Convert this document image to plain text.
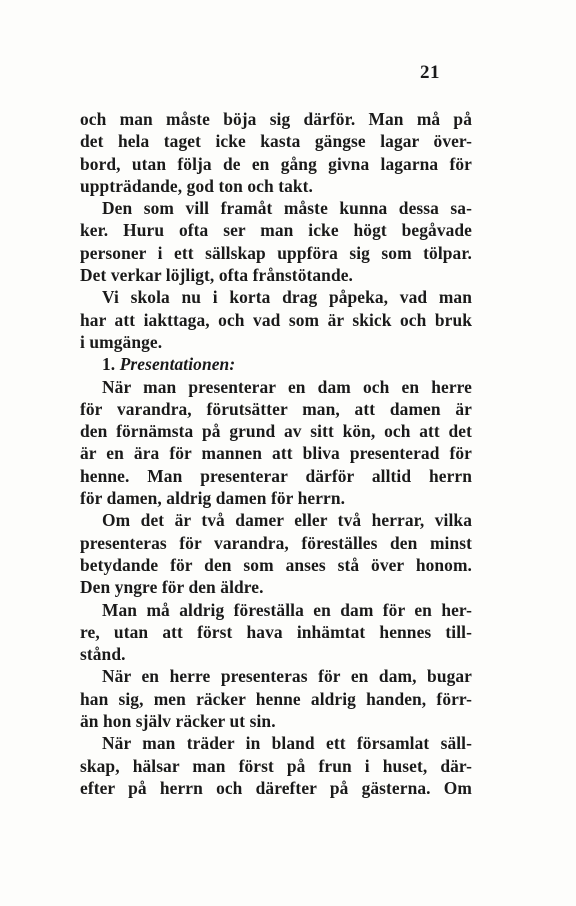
21
och man måste böja sig därför. Man må på
det hela taget icke kasta gängse lagar över-
bord, utan följa de en gång givna lagarna för
uppträdande, god ton och takt.
Den som vill framåt måste kunna dessa sa-
ker. Huru ofta ser man icke högt begåvade
personer i ett sällskap uppföra sig som tölpar.
Det verkar löjligt, ofta frånstötande.
Vi skola nu i korta drag påpeka, vad man
har att iakttaga, och vad som är skick och bruk
i umgänge.
1. Presentationen:
När man presenterar en dam och en herre
för varandra, förutsätter man, att damen är
den förnämsta på grund av sitt kön, och att det
är en ära för mannen att bliva presenterad för
henne. Man presenterar därför alltid herrn
för damen, aldrig damen för herrn.
Om det är två damer eller två herrar, vilka
presenteras för varandra, föreställes den minst
betydande för den som anses stå över honom.
Den yngre för den äldre.
Man må aldrig föreställa en dam för en her-
re, utan att först hava inhämtat hennes till-
stånd.
När en herre presenteras för en dam, bugar
han sig, men räcker henne aldrig handen, förr-
än hon själv räcker ut sin.
När man träder in bland ett församlat säll-
skap, hälsar man först på frun i huset, där-
efter på herrn och därefter på gästerna. Om
